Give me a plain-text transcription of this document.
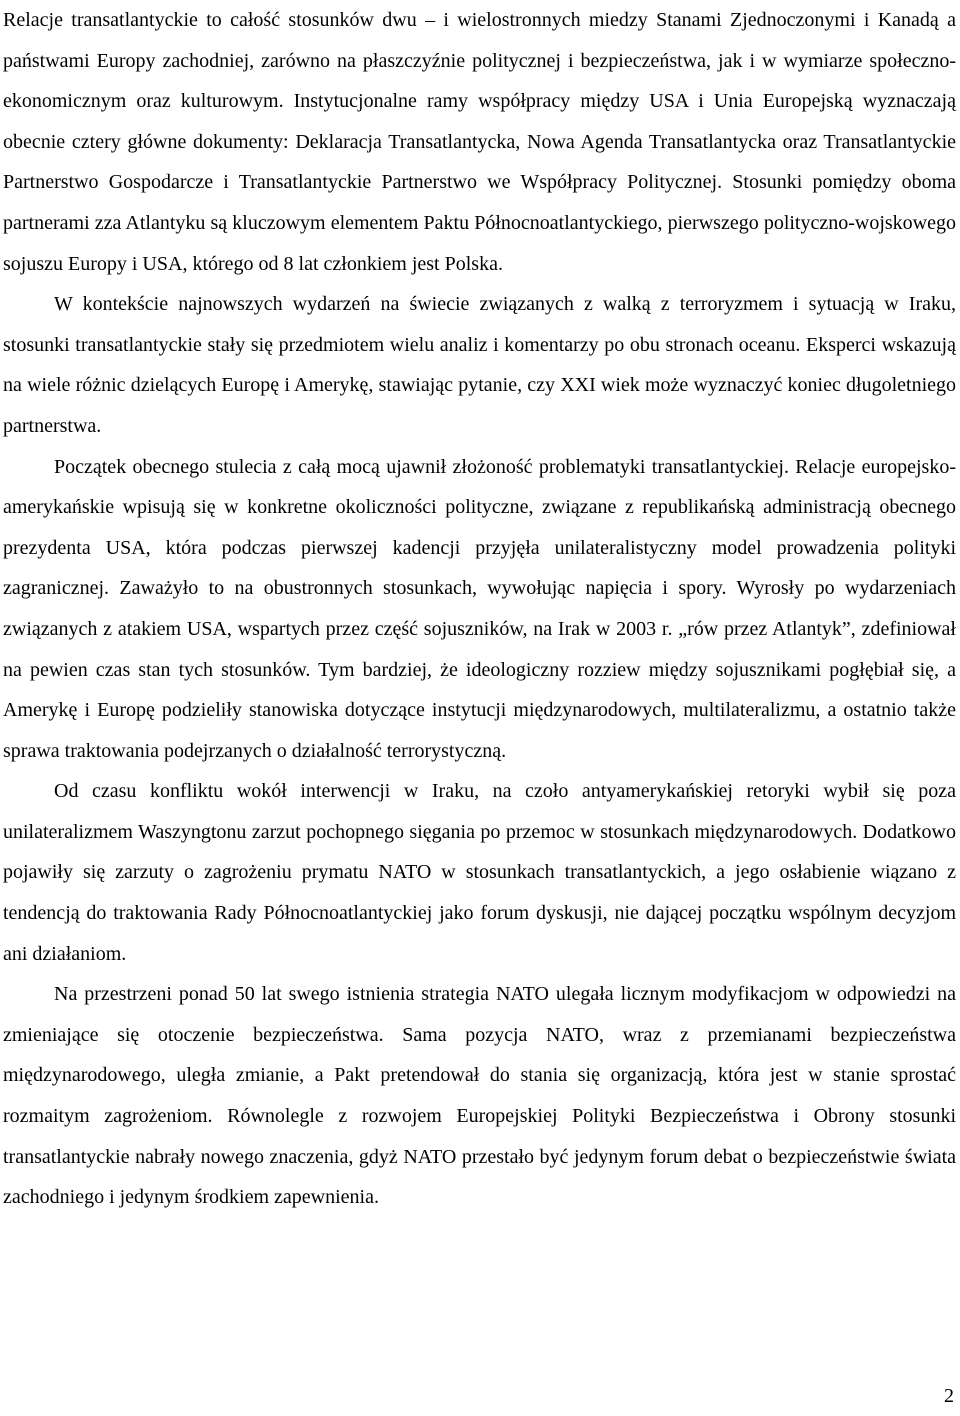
Relacje transatlantyckie to całość stosunków dwu – i wielostronnych miedzy Stanami Zjednoczonymi i Kanadą a państwami Europy zachodniej, zarówno na płaszczyźnie politycznej i bezpieczeństwa, jak i w wymiarze społeczno-ekonomicznym oraz kulturowym. Instytucjonalne ramy współpracy między USA i Unia Europejską wyznaczają obecnie cztery główne dokumenty: Deklaracja Transatlantycka, Nowa Agenda Transatlantycka oraz Transatlantyckie Partnerstwo Gospodarcze i Transatlantyckie Partnerstwo we Współpracy Politycznej. Stosunki pomiędzy oboma partnerami zza Atlantyku są kluczowym elementem Paktu Północnoatlantyckiego, pierwszego polityczno-wojskowego sojuszu Europy i USA, którego od 8 lat członkiem jest Polska.

W kontekście najnowszych wydarzeń na świecie związanych z walką z terroryzmem i sytuacją w Iraku, stosunki transatlantyckie stały się przedmiotem wielu analiz i komentarzy po obu stronach oceanu. Eksperci wskazują na wiele różnic dzielących Europę i Amerykę, stawiając pytanie, czy XXI wiek może wyznaczyć koniec długoletniego partnerstwa.

Początek obecnego stulecia z całą mocą ujawnił złożoność problematyki transatlantyckiej. Relacje europejsko-amerykańskie wpisują się w konkretne okoliczności polityczne, związane z republikańską administracją obecnego prezydenta USA, która podczas pierwszej kadencji przyjęła unilateralistyczny model prowadzenia polityki zagranicznej. Zaważyło to na obustronnych stosunkach, wywołując napięcia i spory. Wyrosły po wydarzeniach związanych z atakiem USA, wspartych przez część sojuszników, na Irak w 2003 r. „rów przez Atlantyk”, zdefiniował na pewien czas stan tych stosunków. Tym bardziej, że ideologiczny rozziew między sojusznikami pogłębiał się, a Amerykę i Europę podzieliły stanowiska dotyczące instytucji międzynarodowych, multilateralizmu, a ostatnio także sprawa traktowania podejrzanych o działalność terrorystyczną.

Od czasu konfliktu wokół interwencji w Iraku, na czoło antyamerykańskiej retoryki wybił się poza unilateralizmem Waszyngtonu zarzut pochopnego sięgania po przemoc w stosunkach międzynarodowych. Dodatkowo pojawiły się zarzuty o zagrożeniu prymatu NATO w stosunkach transatlantyckich, a jego osłabienie wiązano z tendencją do traktowania Rady Północnoatlantyckiej jako forum dyskusji, nie dającej początku wspólnym decyzjom ani działaniom.

Na przestrzeni ponad 50 lat swego istnienia strategia NATO ulegała licznym modyfikacjom w odpowiedzi na zmieniające się otoczenie bezpieczeństwa. Sama pozycja NATO, wraz z przemianami bezpieczeństwa międzynarodowego, uległa zmianie, a Pakt pretendował do stania się organizacją, która jest w stanie sprostać rozmaitym zagrożeniom. Równolegle z rozwojem Europejskiej Polityki Bezpieczeństwa i Obrony stosunki transatlantyckie nabrały nowego znaczenia, gdyż NATO przestało być jedynym forum debat o bezpieczeństwie świata zachodniego i jedynym środkiem zapewnienia.

2
